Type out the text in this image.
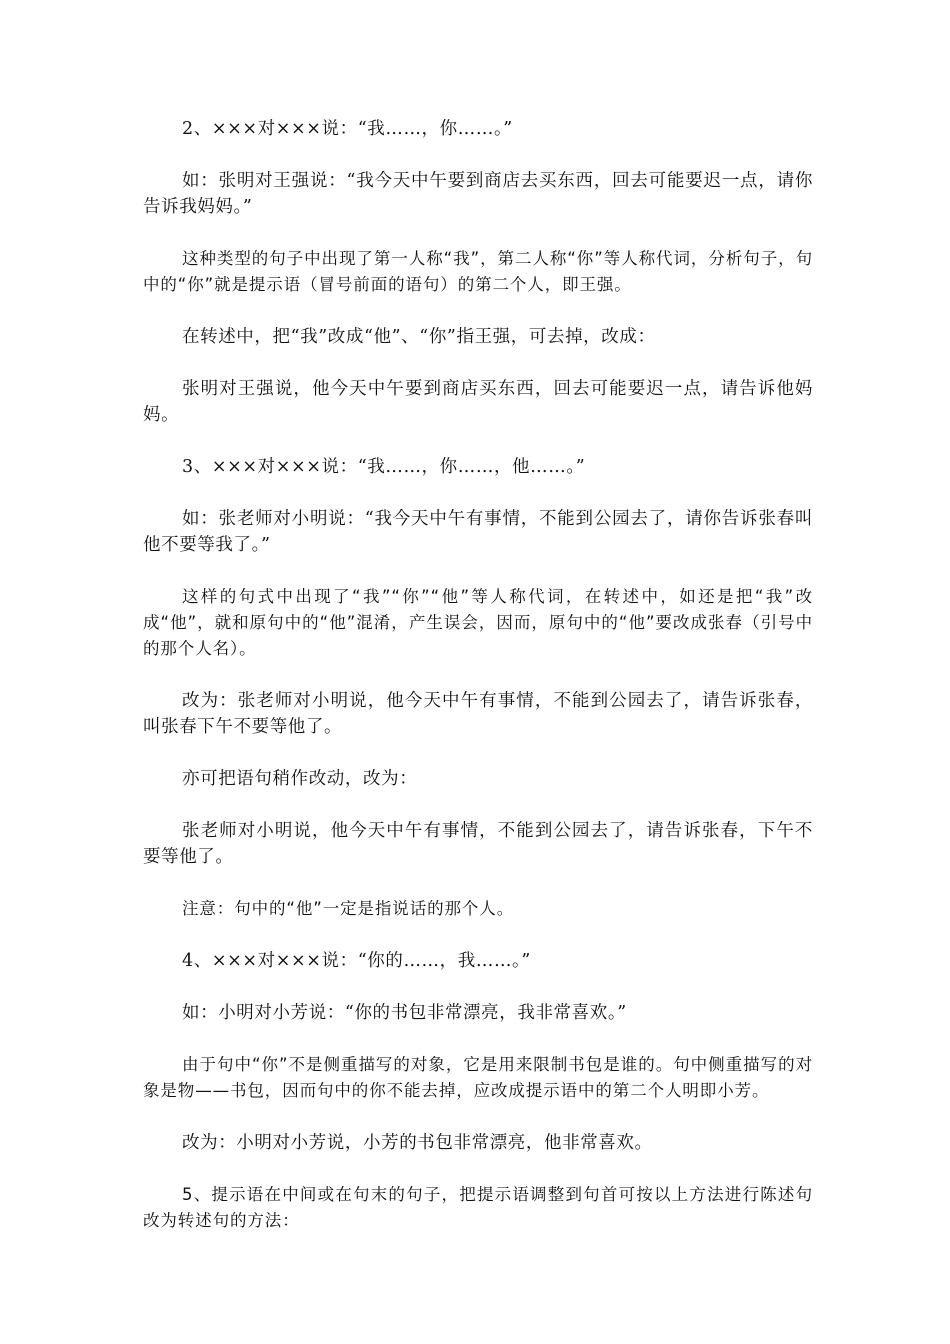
2、×××对×××说：“我……，你……。”

如：张明对王强说：“我今天中午要到商店去买东西，回去可能要迟一点，请你告诉我妈妈。”

这种类型的句子中出现了第一人称“我”，第二人称“你”等人称代词，分析句子，句中的“你”就是提示语（冒号前面的语句）的第二个人，即王强。

在转述中，把“我”改成“他”、“你”指王强，可去掉，改成：

张明对王强说，他今天中午要到商店买东西，回去可能要迟一点，请告诉他妈妈。

3、×××对×××说：“我……，你……，他……。”

如：张老师对小明说：“我今天中午有事情，不能到公园去了，请你告诉张春叫他不要等我了。”

这样的句式中出现了“我”“你”“他”等人称代词，在转述中，如还是把“我”改成“他”，就和原句中的“他”混淆，产生误会，因而，原句中的“他”要改成张春（引号中的那个人名）。

改为：张老师对小明说，他今天中午有事情，不能到公园去了，请告诉张春，叫张春下午不要等他了。

亦可把语句稍作改动，改为：

张老师对小明说，他今天中午有事情，不能到公园去了，请告诉张春，下午不要等他了。

注意：句中的“他”一定是指说话的那个人。

4、×××对×××说：“你的……，我……。”

如：小明对小芳说：“你的书包非常漂亮，我非常喜欢。”

由于句中“你”不是侧重描写的对象，它是用来限制书包是谁的。句中侧重描写的对象是物——书包，因而句中的你不能去掉，应改成提示语中的第二个人明即小芳。

改为：小明对小芳说，小芳的书包非常漂亮，他非常喜欢。

5、提示语在中间或在句末的句子，把提示语调整到句首可按以上方法进行陈述句改为转述句的方法：
